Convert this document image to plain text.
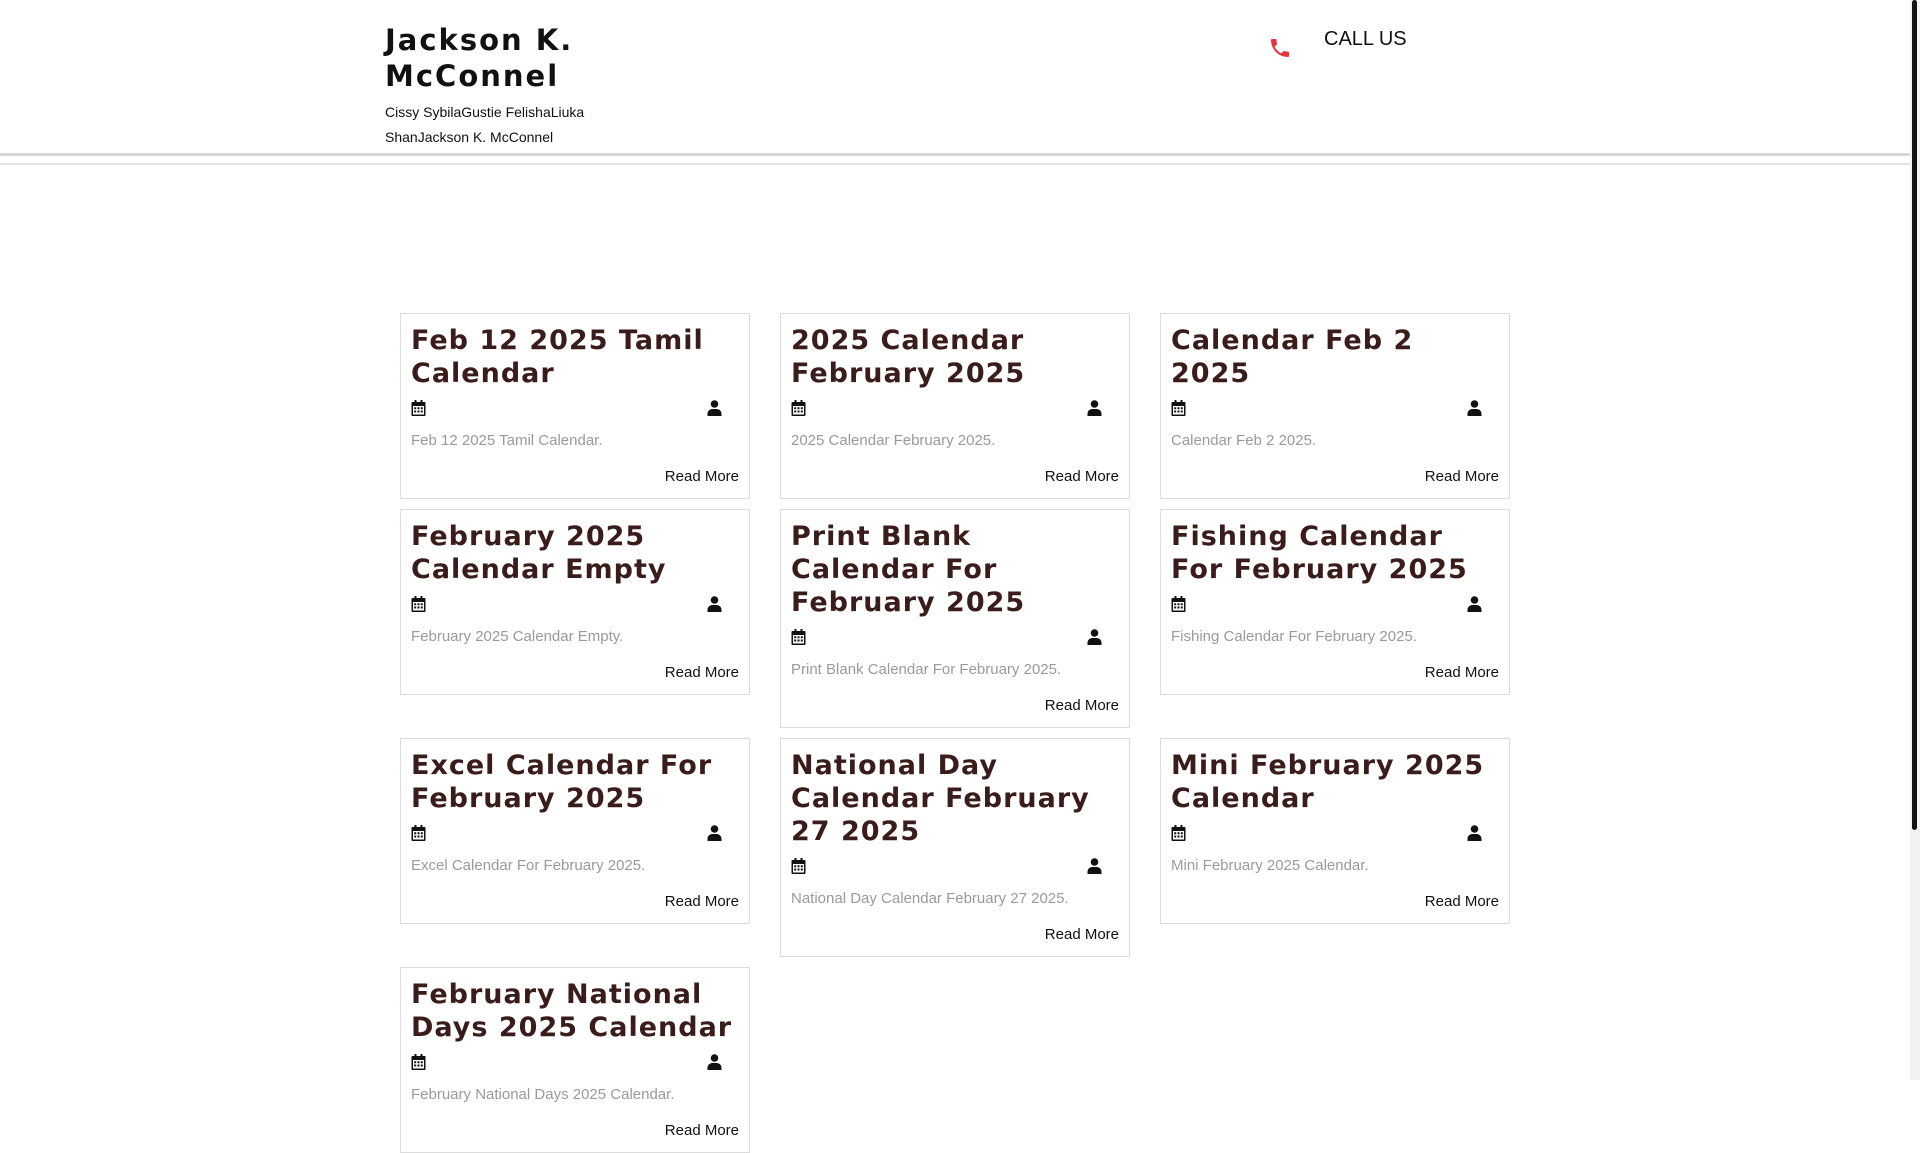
Jackson K. McConnel
Cissy SybilaGustie FelishaLiuka ShanJackson K. McConnel
CALL US
Feb 12 2025 Tamil Calendar
Feb 12 2025 Tamil Calendar.
Read More
2025 Calendar February 2025
2025 Calendar February 2025.
Read More
Calendar Feb 2 2025
Calendar Feb 2 2025.
Read More
February 2025 Calendar Empty
February 2025 Calendar Empty.
Read More
Print Blank Calendar For February 2025
Print Blank Calendar For February 2025.
Read More
Fishing Calendar For February 2025
Fishing Calendar For February 2025.
Read More
Excel Calendar For February 2025
Excel Calendar For February 2025.
Read More
National Day Calendar February 27 2025
National Day Calendar February 27 2025.
Read More
Mini February 2025 Calendar
Mini February 2025 Calendar.
Read More
February National Days 2025 Calendar
February National Days 2025 Calendar.
Read More
